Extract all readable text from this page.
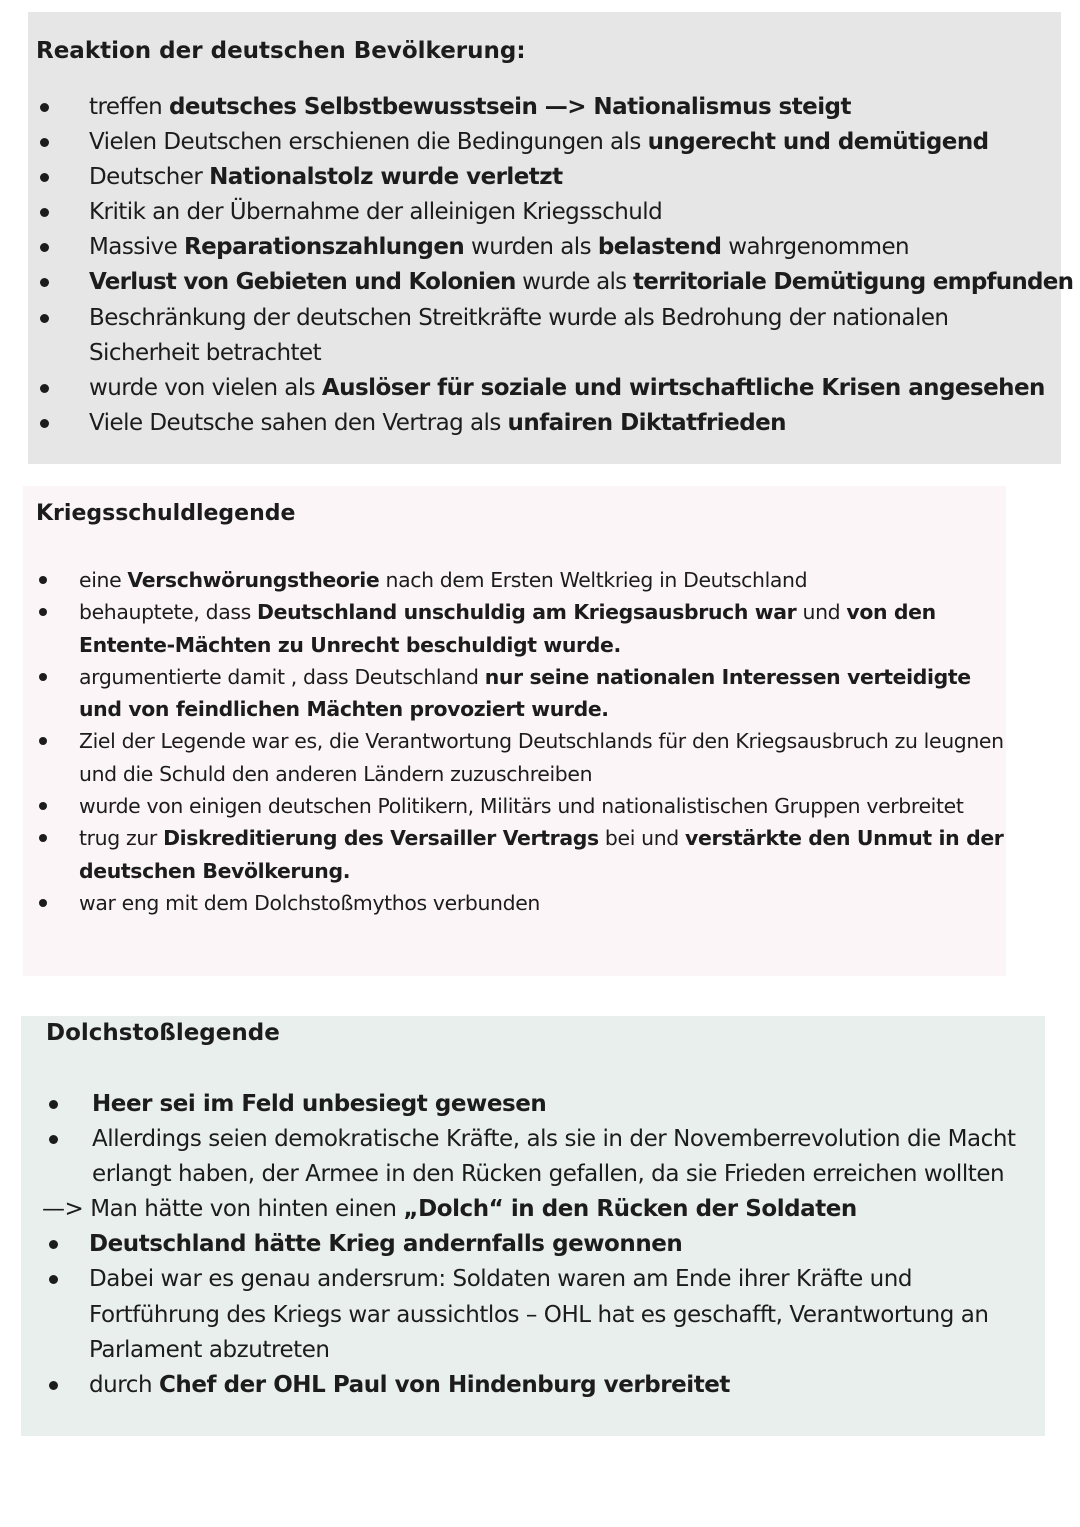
Reaktion der deutschen Bevölkerung:
treffen deutsches Selbstbewusstsein —> Nationalismus steigt
Vielen Deutschen erschienen die Bedingungen als ungerecht und demütigend
Deutscher Nationalstolz wurde verletzt
Kritik an der Übernahme der alleinigen Kriegsschuld
Massive Reparationszahlungen wurden als belastend wahrgenommen
Verlust von Gebieten und Kolonien wurde als territoriale Demütigung empfunden
Beschränkung der deutschen Streitkräfte wurde als Bedrohung der nationalen Sicherheit betrachtet
wurde von vielen als Auslöser für soziale und wirtschaftliche Krisen angesehen
Viele Deutsche sahen den Vertrag als unfairen Diktatfrieden
Kriegsschuldlegende
eine Verschwörungstheorie nach dem Ersten Weltkrieg in Deutschland
behauptete, dass Deutschland unschuldig am Kriegsausbruch war und von den Entente-Mächten zu Unrecht beschuldigt wurde.
argumentierte damit , dass Deutschland nur seine nationalen Interessen verteidigte und von feindlichen Mächten provoziert wurde.
Ziel der Legende war es, die Verantwortung Deutschlands für den Kriegsausbruch zu leugnen und die Schuld den anderen Ländern zuzuschreiben
wurde von einigen deutschen Politikern, Militärs und nationalistischen Gruppen verbreitet
trug zur Diskreditierung des Versailler Vertrags bei und verstärkte den Unmut in der deutschen Bevölkerung.
war eng mit dem Dolchstoßmythos verbunden
Dolchstoßlegende
Heer sei im Feld unbesiegt gewesen
Allerdings seien demokratische Kräfte, als sie in der Novemberrevolution die Macht erlangt haben, der Armee in den Rücken gefallen, da sie Frieden erreichen wollten
—> Man hätte von hinten einen „Dolch“ in den Rücken der Soldaten
Deutschland hätte Krieg andernfalls gewonnen
Dabei war es genau andersrum: Soldaten waren am Ende ihrer Kräfte und Fortführung des Kriegs war aussichtlos – OHL hat es geschafft, Verantwortung an Parlament abzutreten
durch Chef der OHL Paul von Hindenburg verbreitet
